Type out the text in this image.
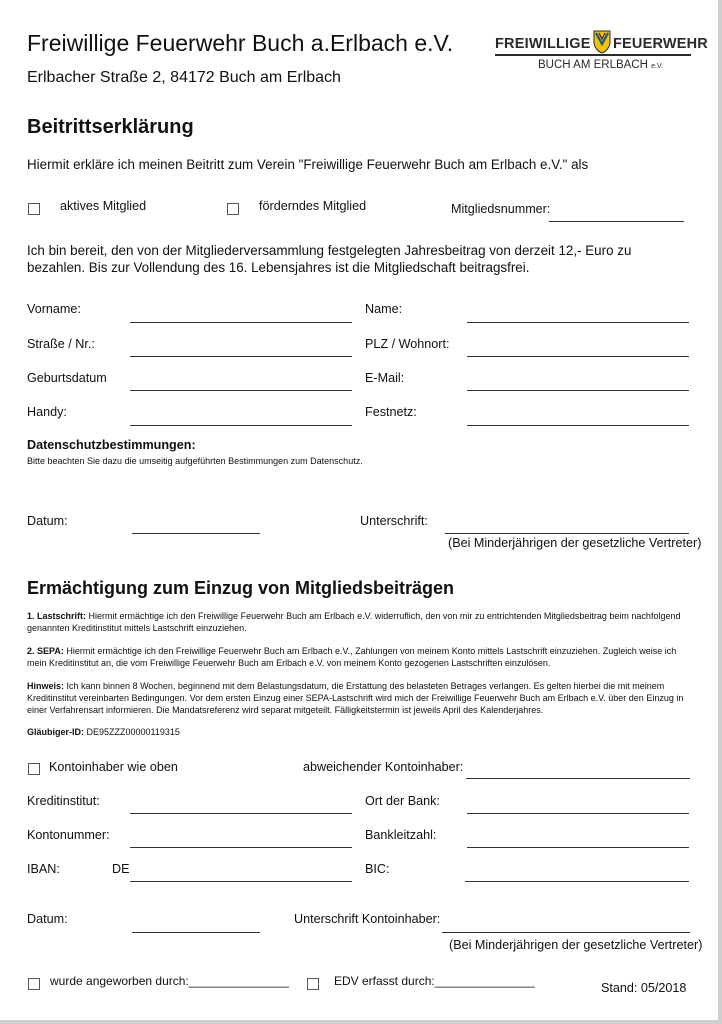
Freiwillige Feuerwehr Buch a.Erlbach e.V.
Erlbacher Straße 2, 84172 Buch am Erlbach
FREIWILLIGE FEUERWEHR
BUCH AM ERLBACH e.V.
Beitrittserklärung
Hiermit erkläre ich meinen Beitritt zum Verein "Freiwillige Feuerwehr Buch am Erlbach e.V." als
aktives Mitglied	förderndes Mitglied	Mitgliedsnummer:
Ich bin bereit, den von der Mitgliederversammlung festgelegten Jahresbeitrag von derzeit 12,- Euro zu bezahlen. Bis zur Vollendung des 16. Lebensjahres ist die Mitgliedschaft beitragsfrei.
Vorname:	Name:
Straße / Nr.:	PLZ / Wohnort:
Geburtsdatum	E-Mail:
Handy:	Festnetz:
Datenschutzbestimmungen:
Bitte beachten Sie dazu die umseitig aufgeführten Bestimmungen zum Datenschutz.
Datum:	Unterschrift:
(Bei Minderjährigen der gesetzliche Vertreter)
Ermächtigung zum Einzug von Mitgliedsbeiträgen
1. Lastschrift: Hiermit ermächtige ich den Freiwillige Feuerwehr Buch am Erlbach e.V. widerruflich, den von mir zu entrichtenden Mitgliedsbeitrag beim nachfolgend genannten Kreditinstitut mittels Lastschrift einzuziehen.
2. SEPA: Hiermit ermächtige ich den Freiwillige Feuerwehr Buch am Erlbach e.V., Zahlungen von meinem Konto mittels Lastschrift einzuziehen. Zugleich weise ich mein Kreditinstitut an, die vom Freiwillige Feuerwehr Buch am Erlbach e.V. von meinem Konto gezogenen Lastschriften einzulösen.
Hinweis: Ich kann binnen 8 Wochen, beginnend mit dem Belastungsdatum, die Erstattung des belasteten Betrages verlangen. Es gelten hierbei die mit meinem Kreditinstitut vereinbarten Bedingungen. Vor dem ersten Einzug einer SEPA-Lastschrift wird mich der Freiwillige Feuerwehr Buch am Erlbach e.V. über den Einzug in einer Verfahrensart informieren. Die Mandatsreferenz wird separat mitgeteilt. Fälligkeitstermin ist jeweils April des Kalenderjahres.
Gläubiger-ID: DE95ZZZ00000119315
Kontoinhaber wie oben	abweichender Kontoinhaber:
Kreditinstitut:	Ort der Bank:
Kontonummer:	Bankleitzahl:
IBAN:	DE	BIC:
Datum:	Unterschrift Kontoinhaber:
(Bei Minderjährigen der gesetzliche Vertreter)
wurde angeworben durch:_______________	EDV erfasst durch:_______________	Stand: 05/2018
